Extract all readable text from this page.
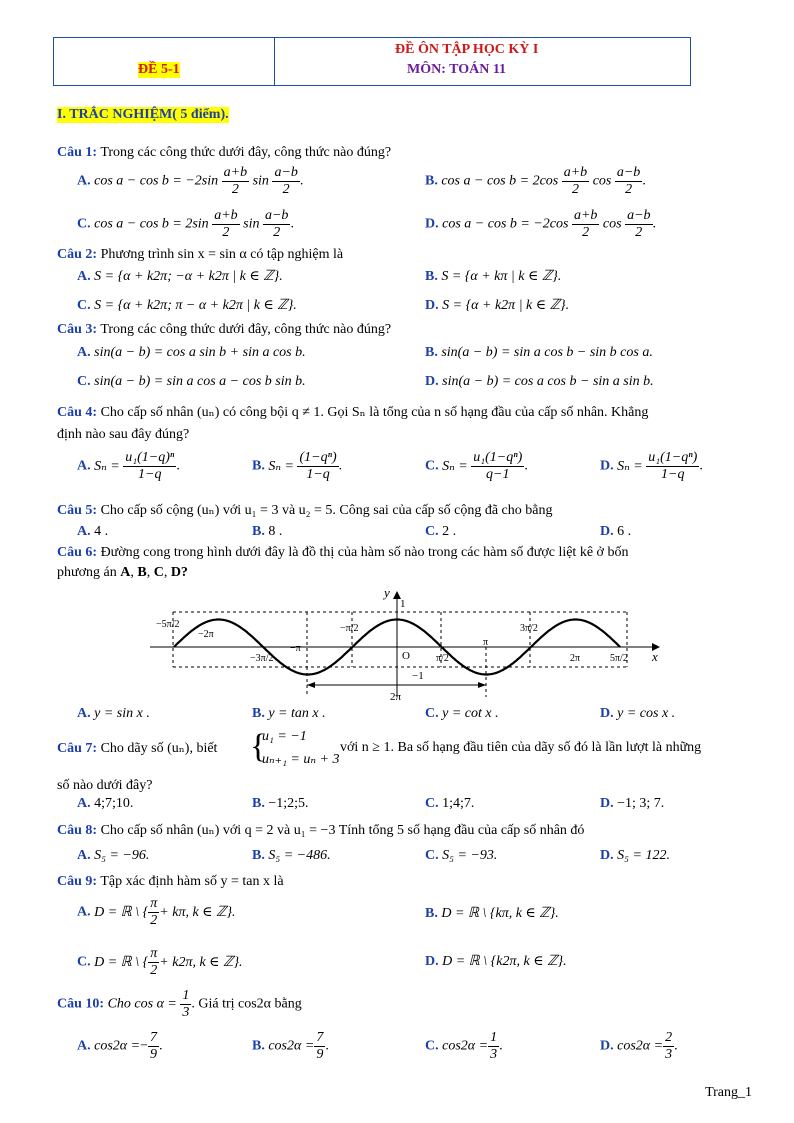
ĐỀ 5-1
ĐỀ ÔN TẬP HỌC KỲ I
MÔN: TOÁN 11
I. TRẮC NGHIỆM( 5 điểm).
Câu 1: Trong các công thức dưới đây, công thức nào đúng?
A. $\cos a - \cos b = -2\sin \frac{a+b}{2}$ $\sin \frac{a-b}{2}$ .	B. $\cos a - \cos b = 2\cos \frac{a+b}{2}$ $\cos \frac{a-b}{2}$ .
C. $\cos a - \cos b = 2\sin \frac{a+b}{2}$ $\sin \frac{a-b}{2}$ .	D. $\cos a - \cos b = -2\cos \frac{a+b}{2}$ $\cos \frac{a-b}{2}$ .
Câu 2: Phương trình sin x = sin α có tập nghiệm là
A. S = {α + k2π; −α + k2π | k ∈ ℤ}.	B. S = {α + kπ | k ∈ ℤ}.
C. S = {α + k2π; π − α + k2π | k ∈ ℤ}.	D. S = {α + k2π | k ∈ ℤ}.
Câu 3: Trong các công thức dưới đây, công thức nào đúng?
A. sin(a − b) = cos a sin b + sin a cos b.	B. sin(a − b) = sin a cos b − sin b cos a.
C. sin(a − b) = sin a cos a − cos b sin b.	D. sin(a − b) = cos a cos b − sin a sin b.
Câu 4: Cho cấp số nhân (uₙ) có công bội q ≠ 1. Gọi Sₙ là tổng của n số hạng đầu của cấp số nhân. Khẳng
định nào sau đây đúng?
A. $S_n = \frac{\text{u₁(1−q)ⁿ}}{1-q}$ .	B. $S_n = \frac{\text{(1−qⁿ)}}{1-q}$ .	C. $S_n = \frac{\text{u₁(1−qⁿ)}}{q-1}$ .	D. $S_n = \frac{\text{u₁(1−qⁿ)}}{1-q}$ .
Câu 5: Cho cấp số cộng (uₙ) với u₁ = 3 và u₂ = 5. Công sai của cấp số cộng đã cho bằng
A. 4 .	B. 8 .	C. 2 .	D. 6 .
Câu 6: Đường cong trong hình dưới đây là đồ thị của hàm số nào trong các hàm số được liệt kê ở bốn
phương án A, B, C, D?
y
x
1
O
−1
−5π/2
−2π
−3π/2
−π
−π/2
π/2
π
3π/2
2π	5π/2
2π
A. y = sin x .	B. y = tan x .	C. y = cot x .	D. y = cos x .
Câu 7: Cho dãy số (uₙ), biết {
u₁ = −1
uₙ₊₁ = uₙ + 3
với n ≥ 1. Ba số hạng đầu tiên của dãy số đó là lần lượt là những
số nào dưới đây?
A. 4;7;10.	B. −1;2;5.	C. 1;4;7.	D. −1; 3; 7.
Câu 8: Cho cấp số nhân (uₙ) với q = 2 và u₁ = −3 Tính tổng 5 số hạng đầu của cấp số nhân đó
A. S₅ = −96.	B. S₅ = −486.	C. S₅ = −93.	D. S₅ = 122.
Câu 9: Tập xác định hàm số y = tan x là
A. D = ℝ \ { $\frac{\pi}{2} + k\pi$, k ∈ ℤ}.	B. D = ℝ \ {kπ, k ∈ ℤ}.
C. D = ℝ \ { $\frac{\pi}{2} + k2\pi$, k ∈ ℤ}.	D. D = ℝ \ {k2π, k ∈ ℤ}.
Câu 10: Cho $\cos \alpha = \frac{1}{3}$ . Giá trị cos2α bằng
A. $\cos 2\alpha =- \frac{7}{9}$ .	B. $\cos 2\alpha = \frac{7}{9}$ .	C. $\cos 2\alpha = \frac{1}{3}$ .	D. $\cos 2\alpha = \frac{2}{3}$ .
Trang_1
